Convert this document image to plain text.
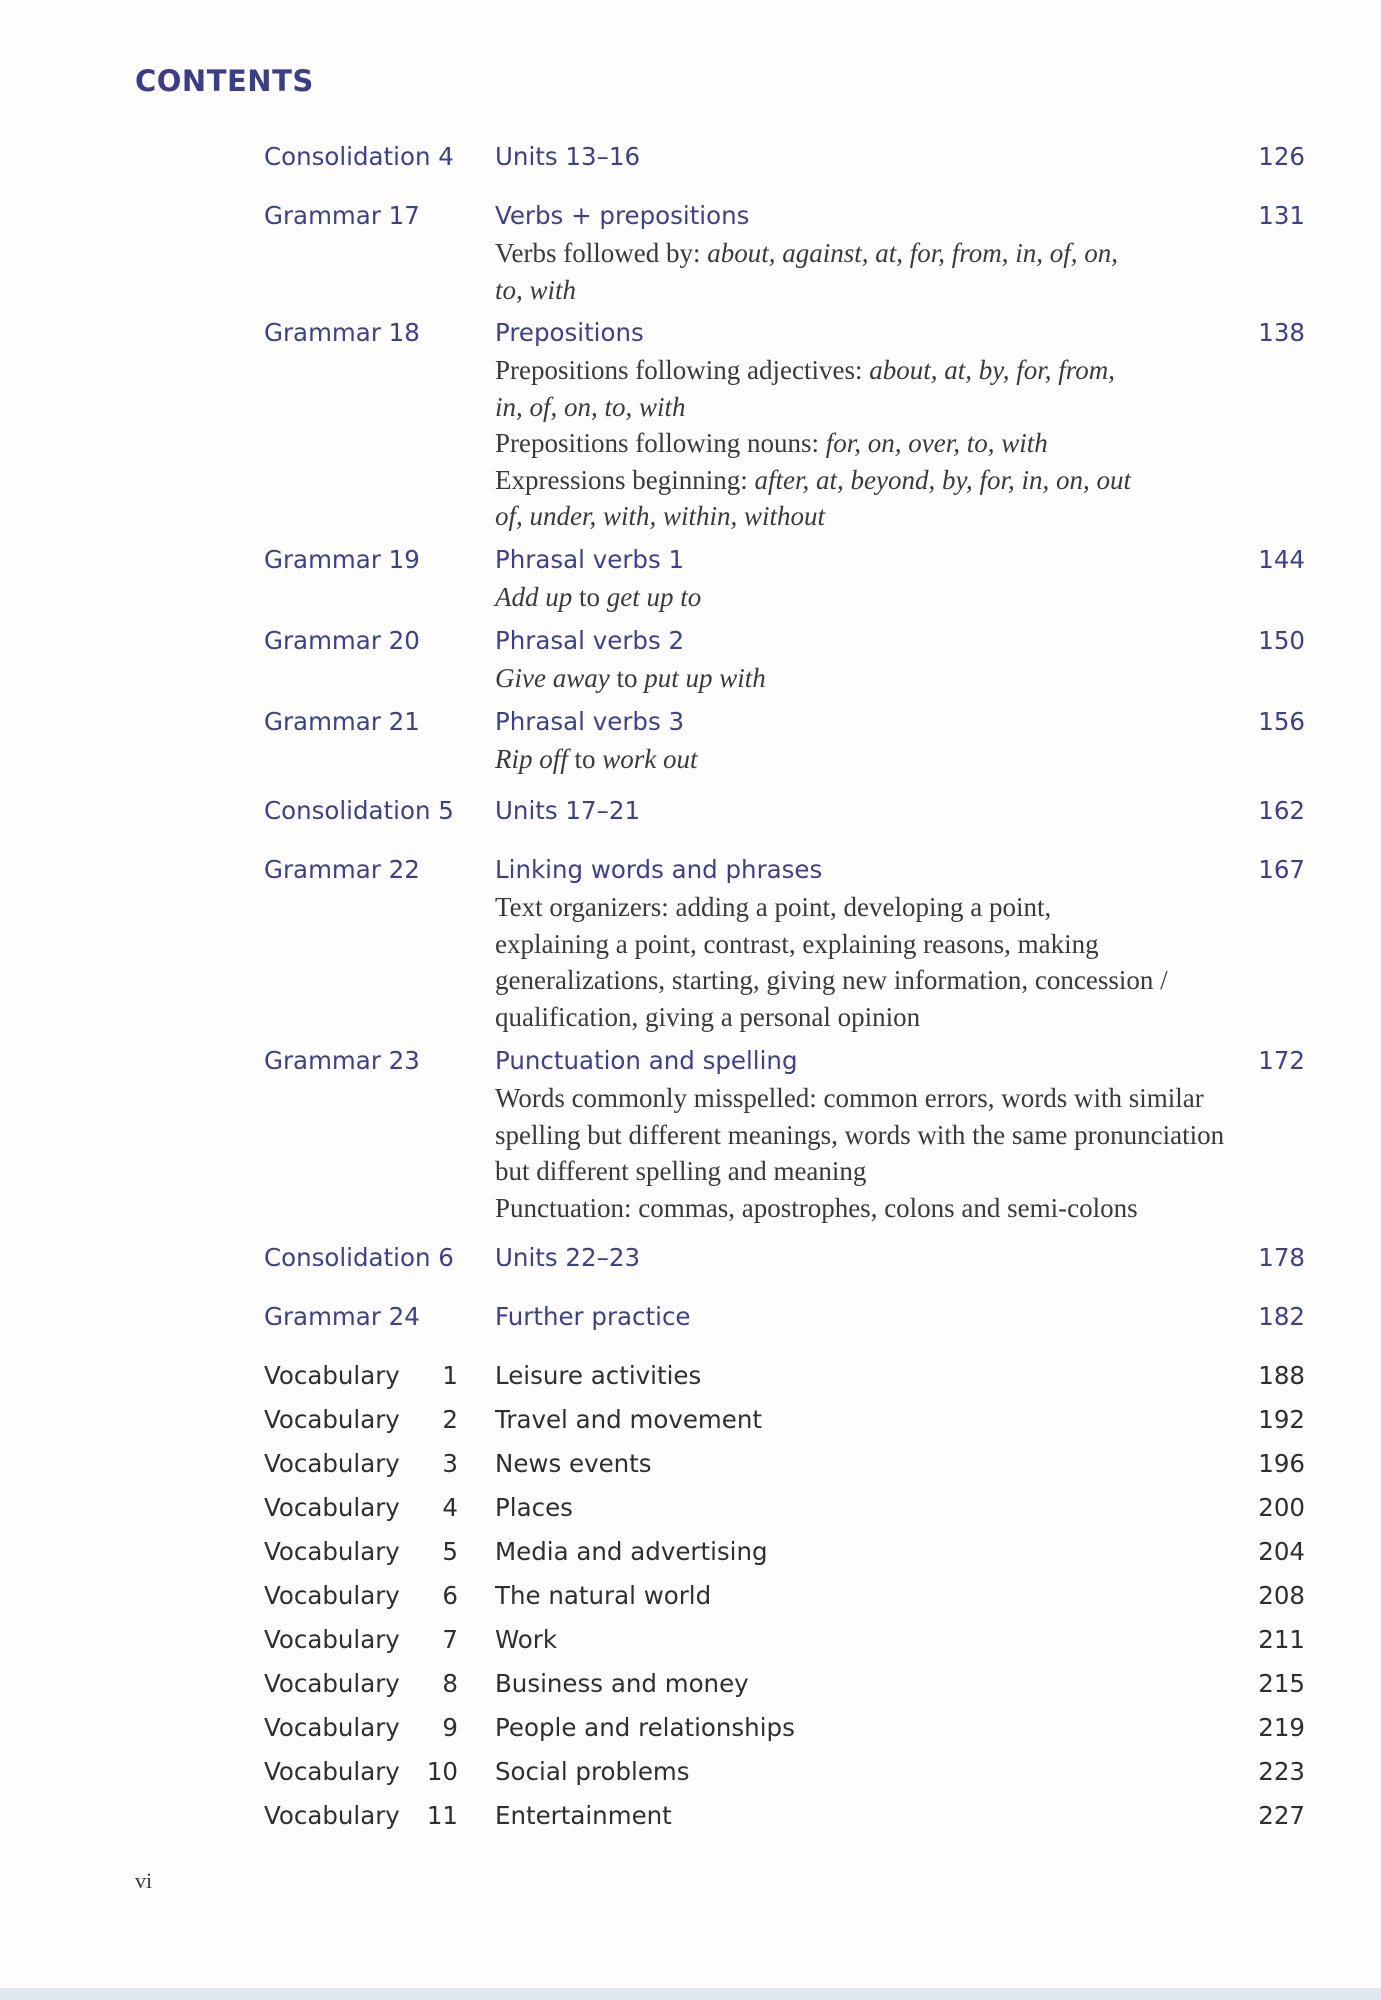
CONTENTS
Consolidation 4 Units 13–16	126
Grammar 17	Verbs + prepositions	131

Verbs followed by: about, against, at, for, from, in, of, on,

to, with

Grammar 18	Prepositions	138

Prepositions following adjectives: about, at, by, for, from,

in, of, on, to, with

Prepositions following nouns: for, on, over, to, with

Expressions beginning: after, at, beyond, by, for, in, on, out

of, under, with, within, without

Grammar 19	Phrasal verbs 1	144

Add up to get up to

Grammar 20	Phrasal verbs 2	150

Give away to put up with

Grammar 21	Phrasal verbs 3	156

Rip off to work out

Consolidation 5 Units 17–21	162
Grammar 22	Linking words and phrases	167

Text organizers: adding a point, developing a point,

explaining a point, contrast, explaining reasons, making

generalizations, starting, giving new information, concession /

qualification, giving a personal opinion

Grammar 23	Punctuation and spelling	172

Words commonly misspelled: common errors, words with similar

spelling but different meanings, words with the same pronunciation

but different spelling and meaning

Punctuation: commas, apostrophes, colons and semi-colons

Consolidation 6 Units 22–23	178
Grammar 24	Further practice	182
Vocabulary 1 Leisure activities	188
Vocabulary 2 Travel and movement	192
Vocabulary 3 News events	196
Vocabulary 4 Places	200
Vocabulary 5 Media and advertising	204
Vocabulary 6 The natural world	208
Vocabulary 7 Work	211
Vocabulary 8 Business and money	215
Vocabulary 9 People and relationships	219
Vocabulary 10 Social problems	223
Vocabulary 11 Entertainment	227
vi
